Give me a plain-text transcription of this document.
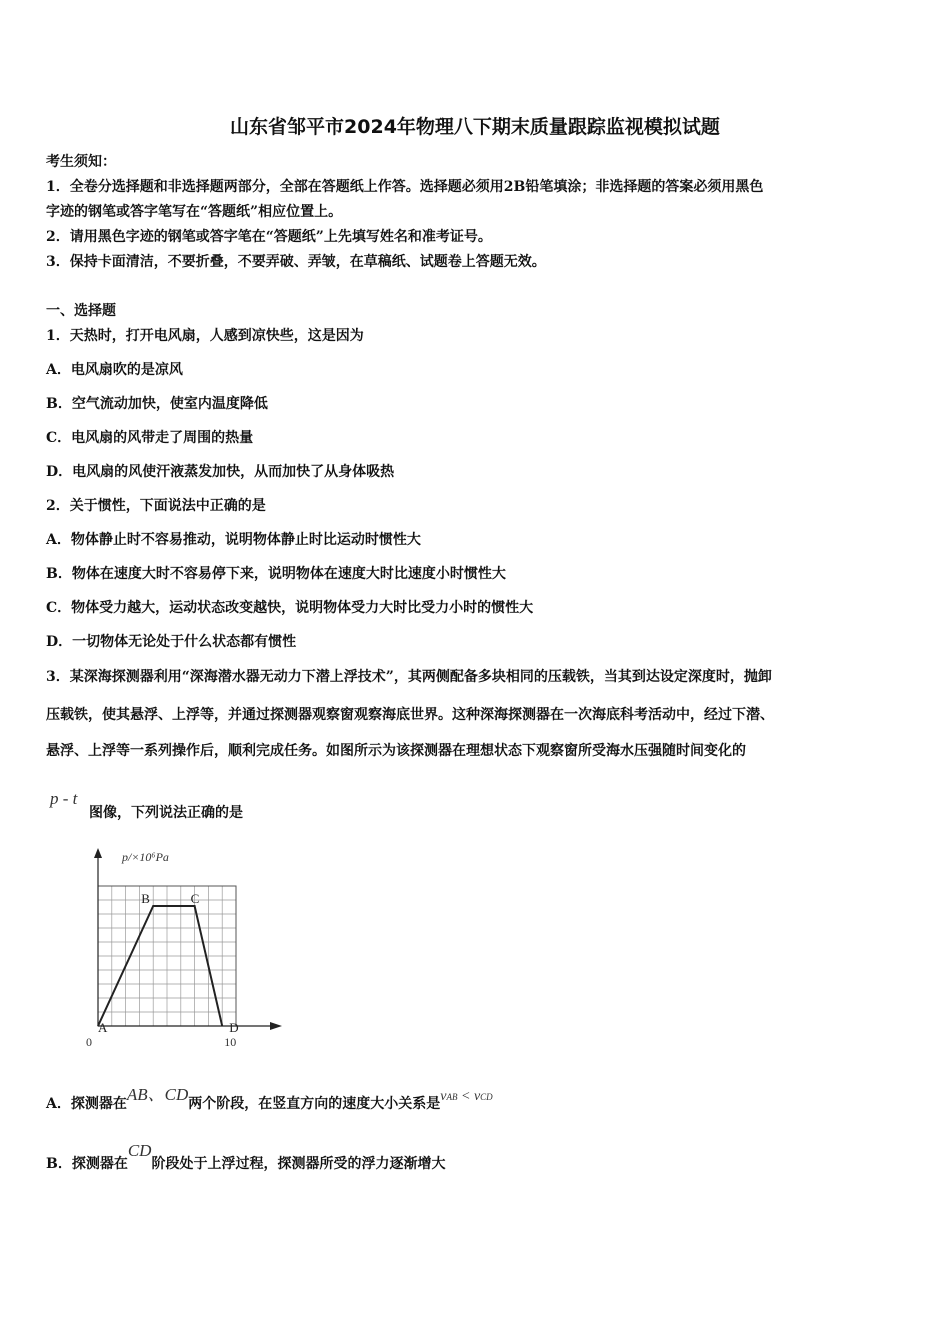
山东省邹平市2024年物理八下期末质量跟踪监视模拟试题
考生须知：
1．全卷分选择题和非选择题两部分，全部在答题纸上作答。选择题必须用2B铅笔填涂；非选择题的答案必须用黑色
字迹的钢笔或答字笔写在“答题纸”相应位置上。
2．请用黑色字迹的钢笔或答字笔在“答题纸”上先填写姓名和准考证号。
3．保持卡面清洁，不要折叠，不要弄破、弄皱，在草稿纸、试题卷上答题无效。
一、选择题
1．天热时，打开电风扇，人感到凉快些，这是因为
A．电风扇吹的是凉风
B．空气流动加快，使室内温度降低
C．电风扇的风带走了周围的热量
D．电风扇的风使汗液蒸发加快，从而加快了从身体吸热
2．关于惯性，下面说法中正确的是
A．物体静止时不容易推动，说明物体静止时比运动时惯性大
B．物体在速度大时不容易停下来，说明物体在速度大时比速度小时惯性大
C．物体受力越大，运动状态改变越快，说明物体受力大时比受力小时的惯性大
D．一切物体无论处于什么状态都有惯性
3．某深海探测器利用“深海潜水器无动力下潜上浮技术”，其两侧配备多块相同的压载铁，当其到达设定深度时，抛卸
压载铁，使其悬浮、上浮等，并通过探测器观察窗观察海底世界。这种深海探测器在一次海底科考活动中，经过下潜、
悬浮、上浮等一系列操作后，顺利完成任务。如图所示为该探测器在理想状态下观察窗所受海水压强随时间变化的
p - t
图像，下列说法正确的是
p/×10⁶Pa
A
B	C
D
0	10
A．探测器在AB、CD两个阶段，在竖直方向的速度大小关系是vAB < vCD
B．探测器在CD阶段处于上浮过程，探测器所受的浮力逐渐增大
